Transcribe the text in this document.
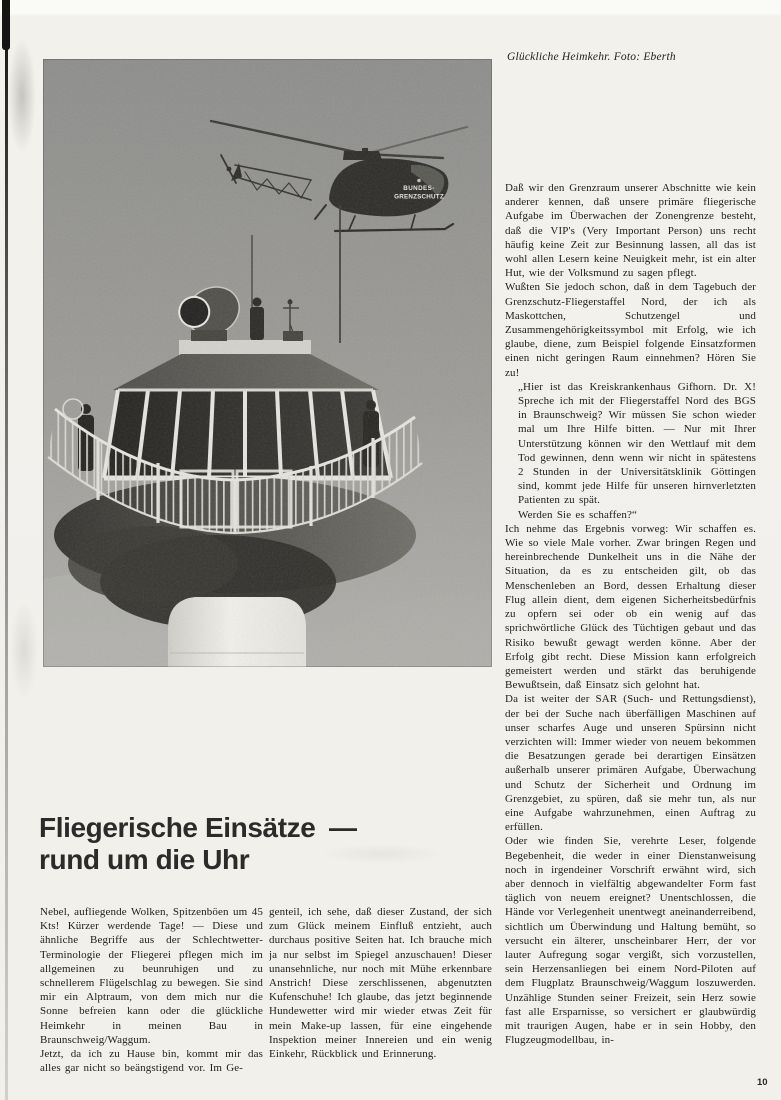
BUNDES-
GRENZSCHUTZ
Glückliche Heimkehr. Foto: Eberth
Fliegerische Einsätze —
rund um die Uhr

Nebel, aufliegende Wolken, Spitzenböen um 45 Kts! Kürzer werdende Tage! — Diese und ähnliche Begriffe aus der Schlechtwetter-Terminologie der Fliegerei pflegen mich im allgemeinen zu beunruhigen und zu schnellerem Flügelschlag zu bewegen. Sie sind mir ein Alptraum, von dem mich nur die Sonne befreien kann oder die glückliche Heimkehr in meinen Bau in Braunschweig/Waggum.

Jetzt, da ich zu Hause bin, kommt mir das alles gar nicht so beängstigend vor. Im Ge-

genteil, ich sehe, daß dieser Zustand, der sich zum Glück meinem Einfluß entzieht, auch durchaus positive Seiten hat. Ich brauche mich ja nur selbst im Spiegel anzuschauen! Dieser unansehnliche, nur noch mit Mühe erkennbare Anstrich! Diese zerschlissenen, abgenutzten Kufenschuhe! Ich glaube, das jetzt beginnende Hundewetter wird mir wieder etwas Zeit für mein Make-up lassen, für eine eingehende Inspektion meiner Innereien und ein wenig Einkehr, Rückblick und Erinnerung.

Daß wir den Grenzraum unserer Abschnitte wie kein anderer kennen, daß unsere primäre fliegerische Aufgabe im Überwachen der Zonengrenze besteht, daß die VIP's (Very Important Person) uns recht häufig keine Zeit zur Besinnung lassen, all das ist wohl allen Lesern keine Neuigkeit mehr, ist ein alter Hut, wie der Volksmund zu sagen pflegt.

Wußten Sie jedoch schon, daß in dem Tagebuch der Grenzschutz-Fliegerstaffel Nord, der ich als Maskottchen, Schutzengel und Zusammengehörigkeitssymbol mit Erfolg, wie ich glaube, diene, zum Beispiel folgende Einsatzformen einen nicht geringen Raum einnehmen? Hören Sie zu!

„Hier ist das Kreiskrankenhaus Gifhorn. Dr. X! Spreche ich mit der Fliegerstaffel Nord des BGS in Braunschweig? Wir müssen Sie schon wieder mal um Ihre Hilfe bitten. — Nur mit Ihrer Unterstützung können wir den Wettlauf mit dem Tod gewinnen, denn wenn wir nicht in spätestens 2 Stunden in der Universitätsklinik Göttingen sind, kommt jede Hilfe für unseren hirnverletzten Patienten zu spät.

Werden Sie es schaffen?“

Ich nehme das Ergebnis vorweg: Wir schaffen es. Wie so viele Male vorher. Zwar bringen Regen und hereinbrechende Dunkelheit uns in die Nähe der Situation, da es zu entscheiden gilt, ob das Menschenleben an Bord, dessen Erhaltung dieser Flug allein dient, dem eigenen Sicherheitsbedürfnis zu opfern sei oder ob ein wenig auf das sprichwörtliche Glück des Tüchtigen gebaut und das Risiko bewußt gewagt werden könne. Aber der Erfolg gibt recht. Diese Mission kann erfolgreich gemeistert werden und stärkt das beruhigende Bewußtsein, daß Einsatz sich gelohnt hat.

Da ist weiter der SAR (Such- und Rettungsdienst), der bei der Suche nach überfälligen Maschinen auf unser scharfes Auge und unseren Spürsinn nicht verzichten will: Immer wieder von neuem bekommen die Besatzungen gerade bei derartigen Einsätzen außerhalb unserer primären Aufgabe, Überwachung und Schutz der Sicherheit und Ordnung im Grenzgebiet, zu spüren, daß sie mehr tun, als nur eine Aufgabe wahrzunehmen, einen Auftrag zu erfüllen.

Oder wie finden Sie, verehrte Leser, folgende Begebenheit, die weder in einer Dienstanweisung noch in irgendeiner Vorschrift erwähnt wird, sich aber dennoch in vielfältig abgewandelter Form fast täglich von neuem ereignet? Unentschlossen, die Hände vor Verlegenheit unentwegt aneinanderreibend, sichtlich um Überwindung und Haltung bemüht, so versucht ein älterer, unscheinbarer Herr, der vor lauter Aufregung sogar vergißt, sich vorzustellen, sein Herzensanliegen bei einem Nord-Piloten auf dem Flugplatz Braunschweig/Waggum loszuwerden. Unzählige Stunden seiner Freizeit, sein Herz sowie fast alle Ersparnisse, so versichert er glaubwürdig mit traurigen Augen, habe er in sein Hobby, den Flugzeugmodellbau, in-

10
